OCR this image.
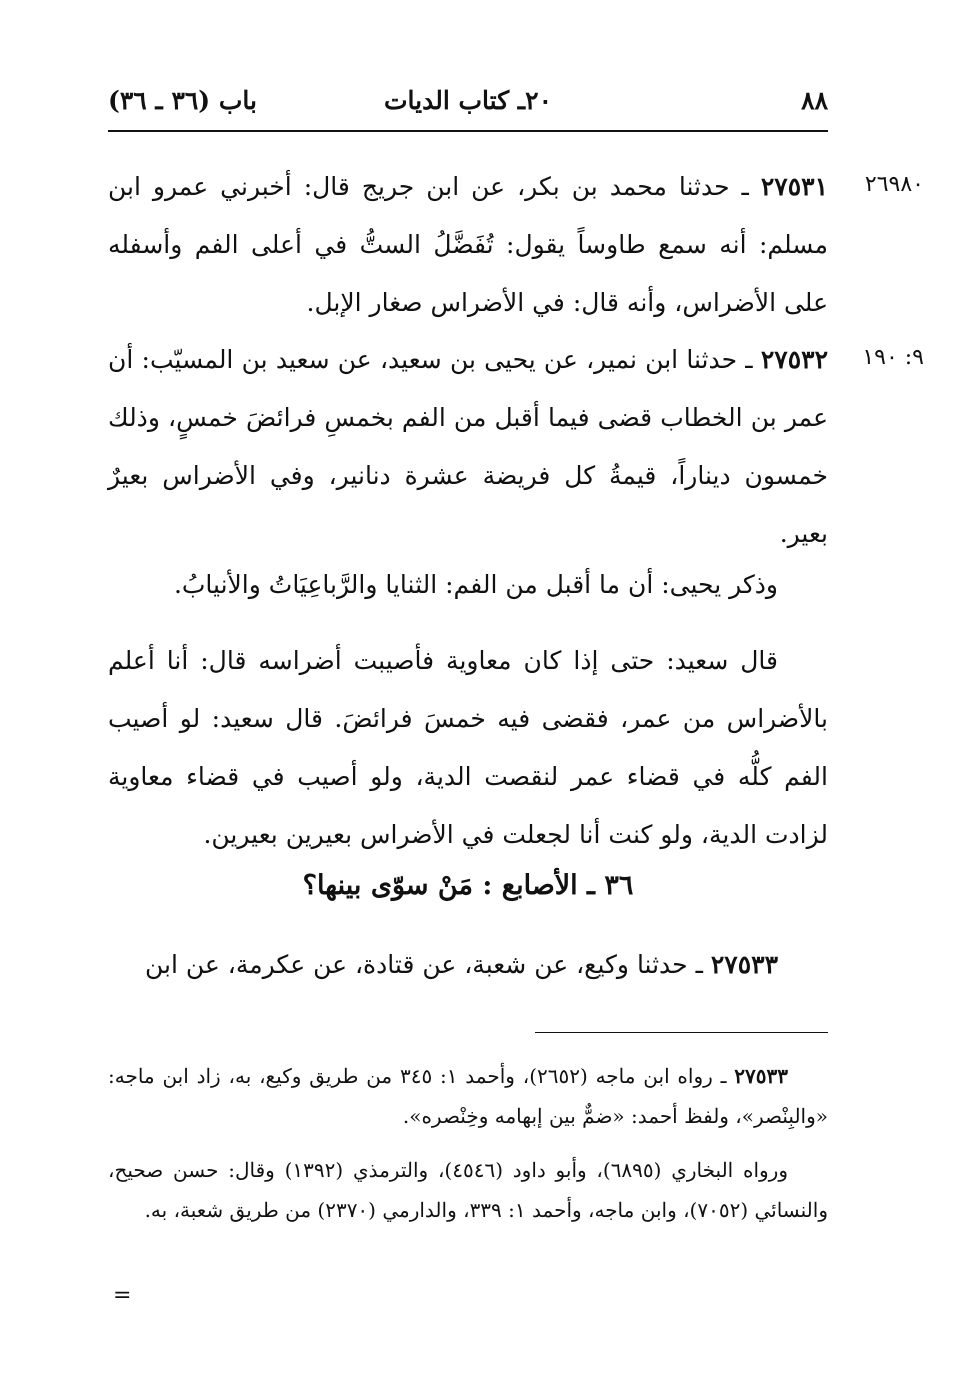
٨٨
٢٠ـ كتاب الديات
باب (٣٦ ـ ٣٦)
٢٦٩٨٠
٢٧٥٣١ ـ حدثنا محمد بن بكر، عن ابن جريج قال: أخبرني عمرو ابن مسلم: أنه سمع طاوساً يقول: تُفَضَّلُ الستُّ في أعلى الفم وأسفله على الأضراس، وأنه قال: في الأضراس صغار الإبل.
٩: ١٩٠
٢٧٥٣٢ ـ حدثنا ابن نمير، عن يحيى بن سعيد، عن سعيد بن المسيّب: أن عمر بن الخطاب قضى فيما أقبل من الفم بخمسِ فرائضَ خمسٍ، وذلك خمسون ديناراً، قيمةُ كل فريضة عشرة دنانير، وفي الأضراس بعيرٌ بعير.
وذكر يحيى: أن ما أقبل من الفم: الثنايا والرَّباعِيَاتُ والأنيابُ.
قال سعيد: حتى إذا كان معاوية فأصيبت أضراسه قال: أنا أعلم بالأضراس من عمر، فقضى فيه خمسَ فرائضَ. قال سعيد: لو أصيب الفم كلُّه في قضاء عمر لنقصت الدية، ولو أصيب في قضاء معاوية لزادت الدية، ولو كنت أنا لجعلت في الأضراس بعيرين بعيرين.
٣٦ ـ الأصابع : مَنْ سوّى بينها؟
٢٧٥٣٣ ـ حدثنا وكيع، عن شعبة، عن قتادة، عن عكرمة، عن ابن
٢٧٥٣٣ ـ رواه ابن ماجه (٢٦٥٢)، وأحمد ١: ٣٤٥ من طريق وكيع، به، زاد ابن ماجه: «والبِنْصر»، ولفظ أحمد: «ضمٌّ بين إبهامه وخِنْصره».
ورواه البخاري (٦٨٩٥)، وأبو داود (٤٥٤٦)، والترمذي (١٣٩٢) وقال: حسن صحيح، والنسائي (٧٠٥٢)، وابن ماجه، وأحمد ١: ٣٣٩، والدارمي (٢٣٧٠) من طريق شعبة، به.
=
